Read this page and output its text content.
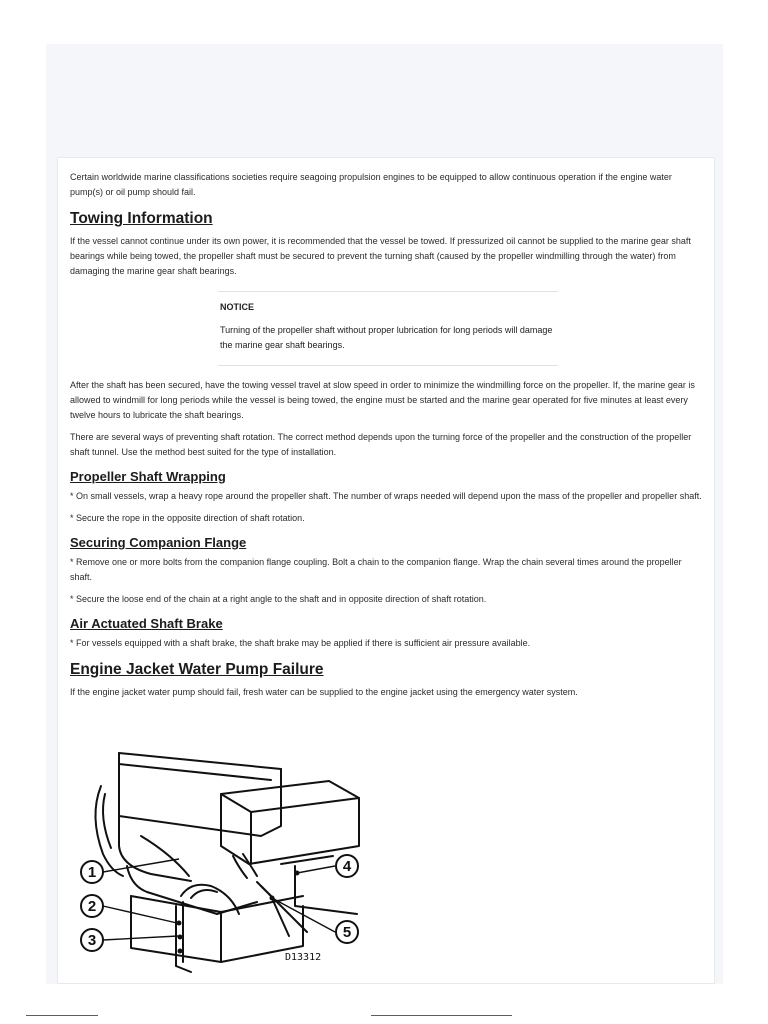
Certain worldwide marine classifications societies require seagoing propulsion engines to be equipped to allow continuous operation if the engine water pump(s) or oil pump should fail.

Towing Information

If the vessel cannot continue under its own power, it is recommended that the vessel be towed. If pressurized oil cannot be supplied to the marine gear shaft bearings while being towed, the propeller shaft must be secured to prevent the turning shaft (caused by the propeller windmilling through the water) from damaging the marine gear shaft bearings.

NOTICE
Turning of the propeller shaft without proper lubrication for long periods will damage the marine gear shaft bearings.

After the shaft has been secured, have the towing vessel travel at slow speed in order to minimize the windmilling force on the propeller. If, the marine gear is allowed to windmill for long periods while the vessel is being towed, the engine must be started and the marine gear operated for five minutes at least every twelve hours to lubricate the shaft bearings.

There are several ways of preventing shaft rotation. The correct method depends upon the turning force of the propeller and the construction of the propeller shaft tunnel. Use the method best suited for the type of installation.

Propeller Shaft Wrapping

* On small vessels, wrap a heavy rope around the propeller shaft. The number of wraps needed will depend upon the mass of the propeller and propeller shaft.

* Secure the rope in the opposite direction of shaft rotation.

Securing Companion Flange

* Remove one or more bolts from the companion flange coupling. Bolt a chain to the companion flange. Wrap the chain several times around the propeller shaft.

* Secure the loose end of the chain at a right angle to the shaft and in opposite direction of shaft rotation.

Air Actuated Shaft Brake

* For vessels equipped with a shaft brake, the shaft brake may be applied if there is sufficient air pressure available.

Engine Jacket Water Pump Failure

If the engine jacket water pump should fail, fresh water can be supplied to the engine jacket using the emergency water system.

1
2
3
4
5
D13312
